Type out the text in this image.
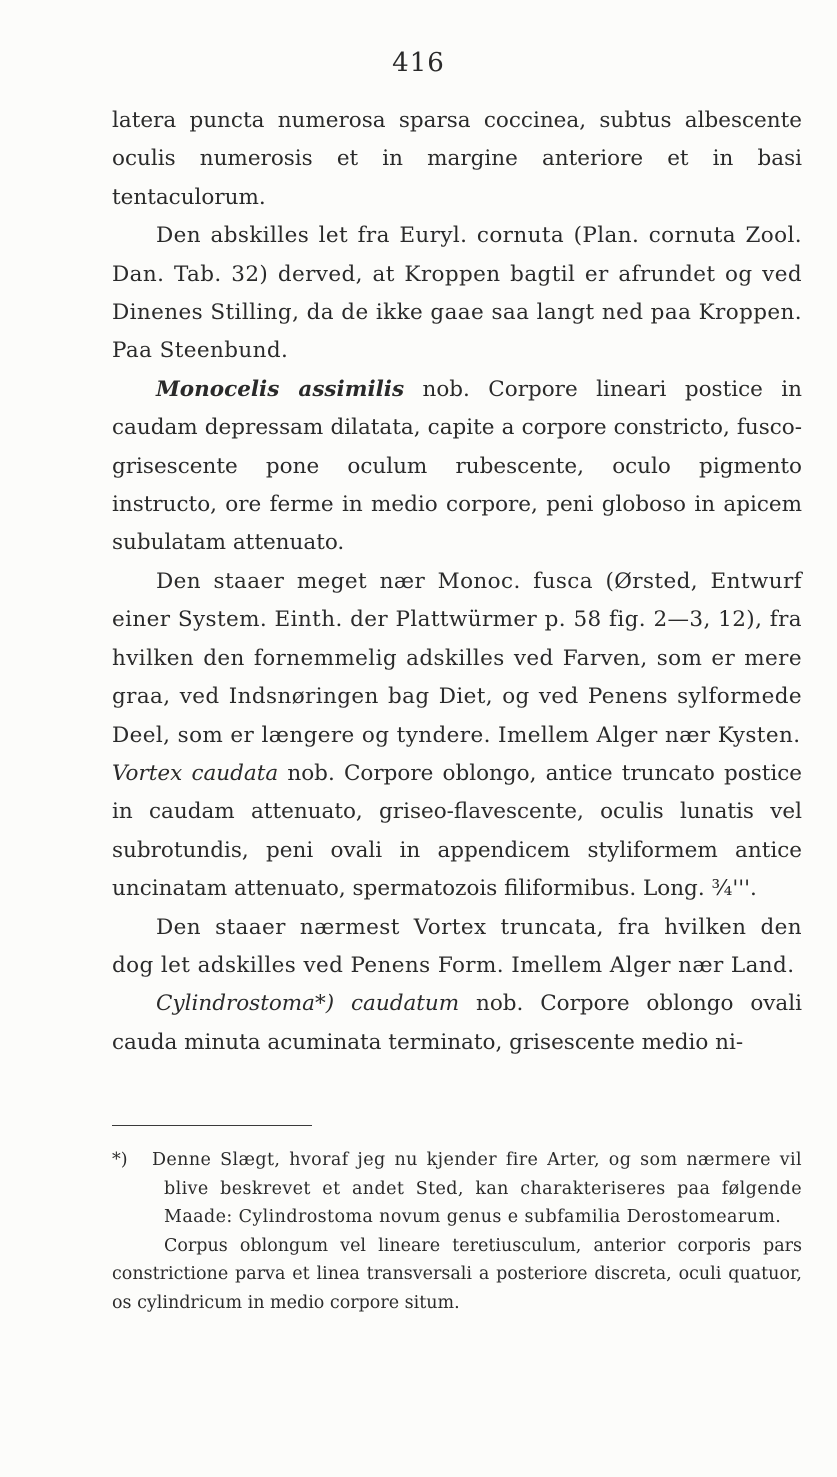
416

latera puncta numerosa sparsa coccinea, subtus albescente oculis numerosis et in margine anteriore et in basi tentaculorum.

Den abskilles let fra Euryl. cornuta (Plan. cornuta Zool. Dan. Tab. 32) derved, at Kroppen bagtil er afrundet og ved Dinenes Stilling, da de ikke gaae saa langt ned paa Kroppen. Paa Steenbund.

Monocelis assimilis nob. Corpore lineari postice in caudam depressam dilatata, capite a corpore constricto, fusco-grisescente pone oculum rubescente, oculo pigmento instructo, ore ferme in medio corpore, peni globoso in apicem subulatam attenuato.

Den staaer meget nær Monoc. fusca (Ørsted, Entwurf einer System. Einth. der Plattwürmer p. 58 fig. 2—3, 12), fra hvilken den fornemmelig adskilles ved Farven, som er mere graa, ved Indsnøringen bag Diet, og ved Penens sylformede Deel, som er længere og tyndere. Imellem Alger nær Kysten.

Vortex caudata nob. Corpore oblongo, antice truncato postice in caudam attenuato, griseo-flavescente, oculis lunatis vel subrotundis, peni ovali in appendicem styliformem antice uncinatam attenuato, spermatozois filiformibus. Long. ¾'''.

Den staaer nærmest Vortex truncata, fra hvilken den dog let adskilles ved Penens Form. Imellem Alger nær Land.

Cylindrostoma*) caudatum nob. Corpore oblongo ovali cauda minuta acuminata terminato, grisescente medio ni-

*) Denne Slægt, hvoraf jeg nu kjender fire Arter, og som nærmere vil blive beskrevet et andet Sted, kan charakteriseres paa følgende Maade: Cylindrostoma novum genus e subfamilia Derostomearum.

Corpus oblongum vel lineare teretiusculum, anterior corporis pars constrictione parva et linea transversali a posteriore discreta, oculi quatuor, os cylindricum in medio corpore situm.
